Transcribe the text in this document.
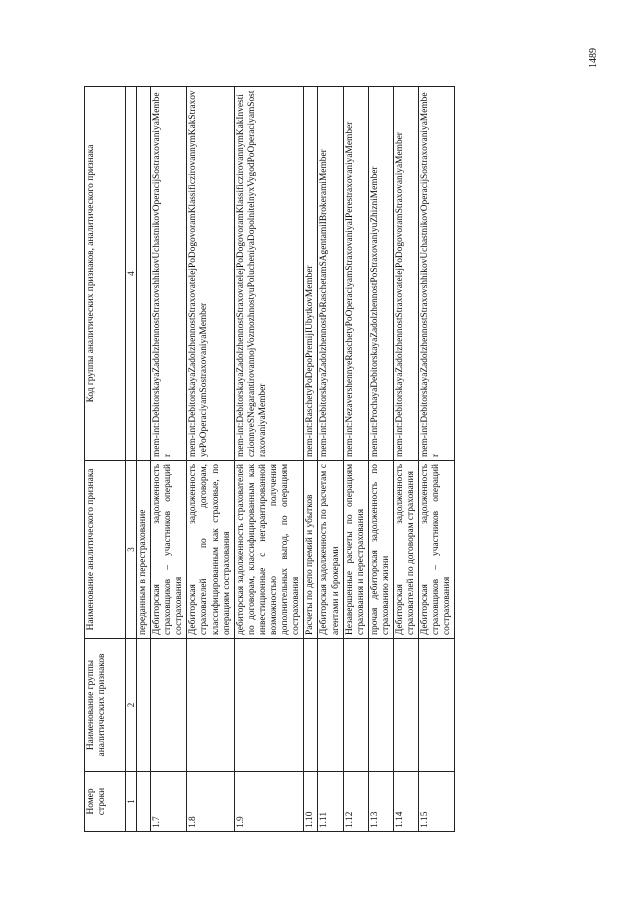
1489
Номер строки	Наименование группы аналитических признаков	Наименование аналитического признака	Код группы аналитических признаков, аналитического признака
1	2	3	4
		переданным в перестрахование	
1.7		Дебиторская задолженность страховщиков – участников операций сострахования	mem-int:DebitorskayaZadolzhennostStraxovshhikovUchastnikovOperacijSostraxovaniyaMember
1.8		Дебиторская задолженность страхователей по договорам, классифицированным как страховые, по операциям сострахования	mem-int:DebitorskayaZadolzhennostStraxovatelejPoDogovoramKlassificzirovannymKakStraxovyePoOperaciyamSostraxovaniyaMember
1.9		дебиторская задолженность страхователей по договорам, классифицированным как инвестиционные с негарантированной возможностью получения дополнительных выгод, по операциям сострахования	mem-int:DebitorskayaZadolzhennostStraxovatelejPoDogovoramKlassificzirovannymKakInvesticzionnyeSNegarantirovannojVozmozhnostyuPolucheniyaDopolnitelnyxVygodPoOperaciyamSostraxovaniyaMember
1.10		Расчеты по депо премий и убытков	mem-int:RaschetyPoDepoPremijIUbytkovMember
1.11		Дебиторская задолженность по расчетам с агентами и брокерами	mem-int:DebitorskayaZadolzhennostPoRaschetamSAgentamiIBrokeramiMember
1.12		Незавершенные расчеты по операциям страхования и перестрахования	mem-int:NezavershennyeRaschetyPoOperaciyamStraxovaniyaIPerestraxovaniyaMember
1.13		прочая дебиторская задолженность по страхованию жизни	mem-int:ProchayaDebitorskayaZadolzhennostPoStraxovaniyuZhizniMember
1.14		Дебиторская задолженность страхователей по договорам страхования	mem-int:DebitorskayaZadolzhennostStraxovatelejPoDogovoramStraxovaniyaMember
1.15		Дебиторская задолженность страховщиков – участников операций сострахования	mem-int:DebitorskayaZadolzhennostStraxovshhikovUchastnikovOperacijSostraxovaniyaMember
